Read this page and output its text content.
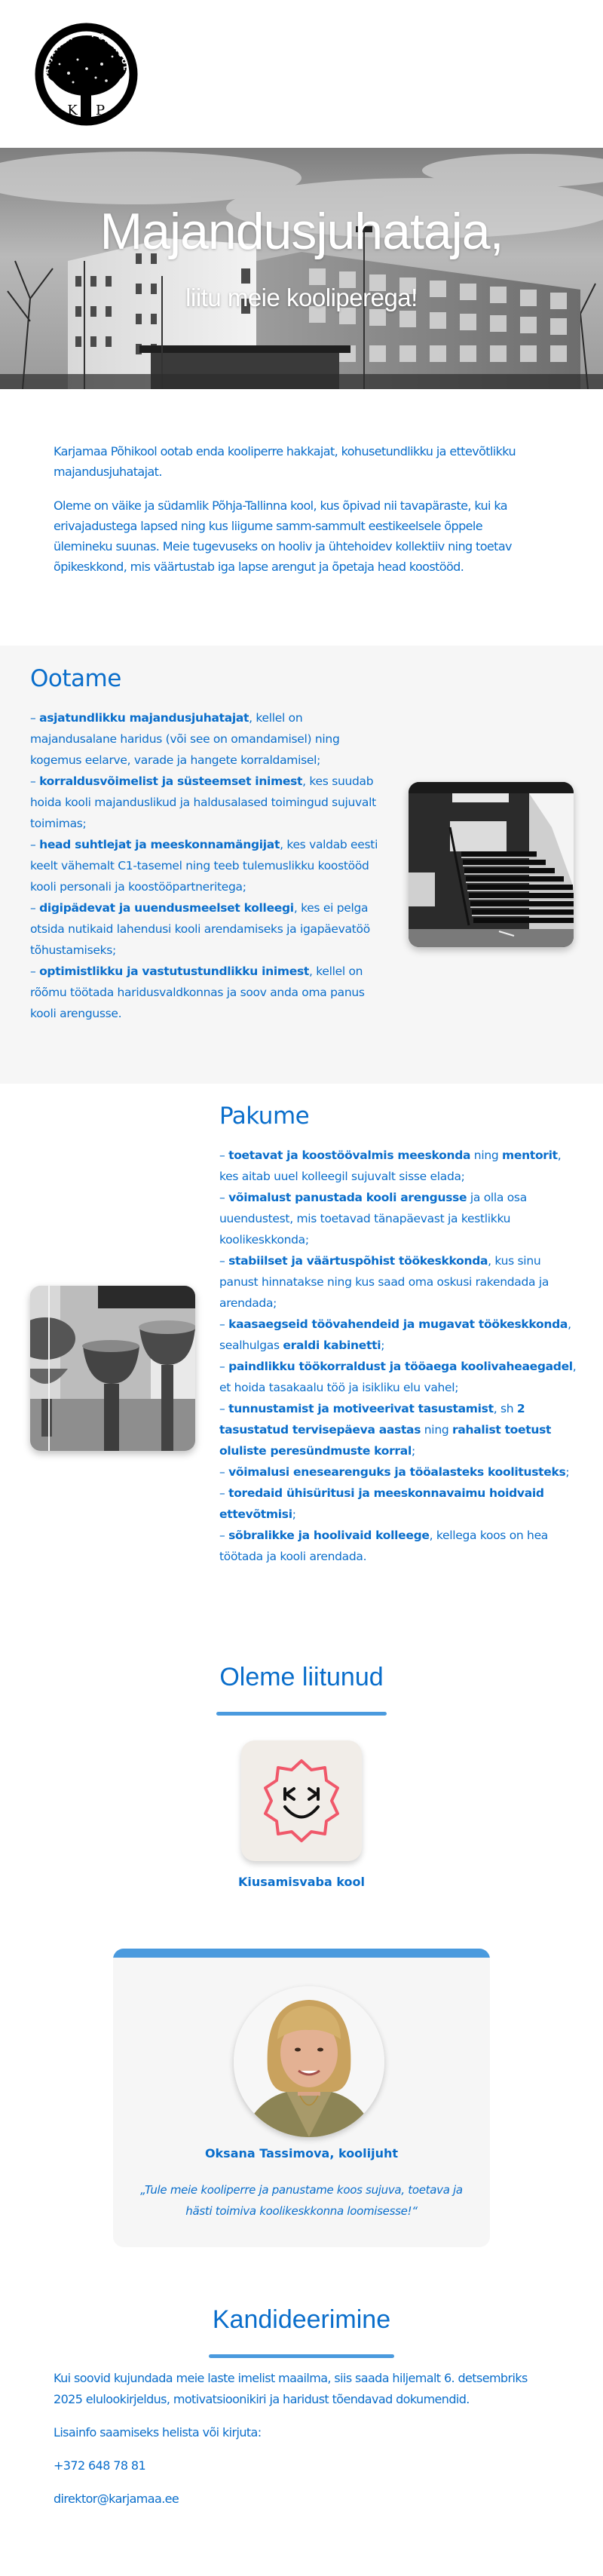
KARJAMAA PÕHIKOOL
K P
Majandusjuhataja,
liitu meie kooliperega!

Karjamaa Põhikool ootab enda kooliperre hakkajat, kohusetundlikku ja ettevõtlikku majandusjuhatajat.

Oleme on väike ja südamlik Põhja-Tallinna kool, kus õpivad nii tavapäraste, kui ka erivajadustega lapsed ning kus liigume samm-sammult eestikeelsele õppele ülemineku suunas. Meie tugevuseks on hooliv ja ühtehoidev kollektiiv ning toetav õpikeskkond, mis väärtustab iga lapse arengut ja õpetaja head koostööd.

Ootame
– asjatundlikku majandusjuhatajat, kellel on majandusalane haridus (või see on omandamisel) ning kogemus eelarve, varade ja hangete korraldamisel;
– korraldusvõimelist ja süsteemset inimest, kes suudab hoida kooli majanduslikud ja haldusalased toimingud sujuvalt toimimas;
– head suhtlejat ja meeskonnamängijat, kes valdab eesti keelt vähemalt C1-tasemel ning teeb tulemuslikku koostööd kooli personali ja koostööpartneritega;
– digipädevat ja uuendusmeelset kolleegi, kes ei pelga otsida nutikaid lahendusi kooli arendamiseks ja igapäevatöö tõhustamiseks;
– optimistlikku ja vastutustundlikku inimest, kellel on rõõmu töötada haridusvaldkonnas ja soov anda oma panus kooli arengusse.
Pakume
– toetavat ja koostöövalmis meeskonda ning mentorit, kes aitab uuel kolleegil sujuvalt sisse elada;
– võimalust panustada kooli arengusse ja olla osa uuendustest, mis toetavad tänapäevast ja kestlikku koolikeskkonda;
– stabiilset ja väärtuspõhist töökeskkonda, kus sinu panust hinnatakse ning kus saad oma oskusi rakendada ja arendada;
– kaasaegseid töövahendeid ja mugavat töökeskkonda, sealhulgas eraldi kabinetti;
– paindlikku töökorraldust ja tööaega koolivaheaegadel, et hoida tasakaalu töö ja isikliku elu vahel;
– tunnustamist ja motiveerivat tasustamist, sh 2 tasustatud tervisepäeva aastas ning rahalist toetust oluliste peresündmuste korral;
– võimalusi enesearenguks ja tööalasteks koolitusteks;
– toredaid ühisüritusi ja meeskonnavaimu hoidvaid ettevõtmisi;
– sõbralikke ja hoolivaid kolleege, kellega koos on hea töötada ja kooli arendada.
Oleme liitunud
Kiusamisvaba kool
Oksana Tassimova, koolijuht
„Tule meie kooliperre ja panustame koos sujuva, toetava ja hästi toimiva koolikeskkonna loomisesse!“
Kandideerimine

Kui soovid kujundada meie laste imelist maailma, siis saada hiljemalt 6. detsembriks 2025 elulookirjeldus, motivatsioonikiri ja haridust tõendavad dokumendid.

Lisainfo saamiseks helista või kirjuta:

+372 648 78 81

direktor@karjamaa.ee
